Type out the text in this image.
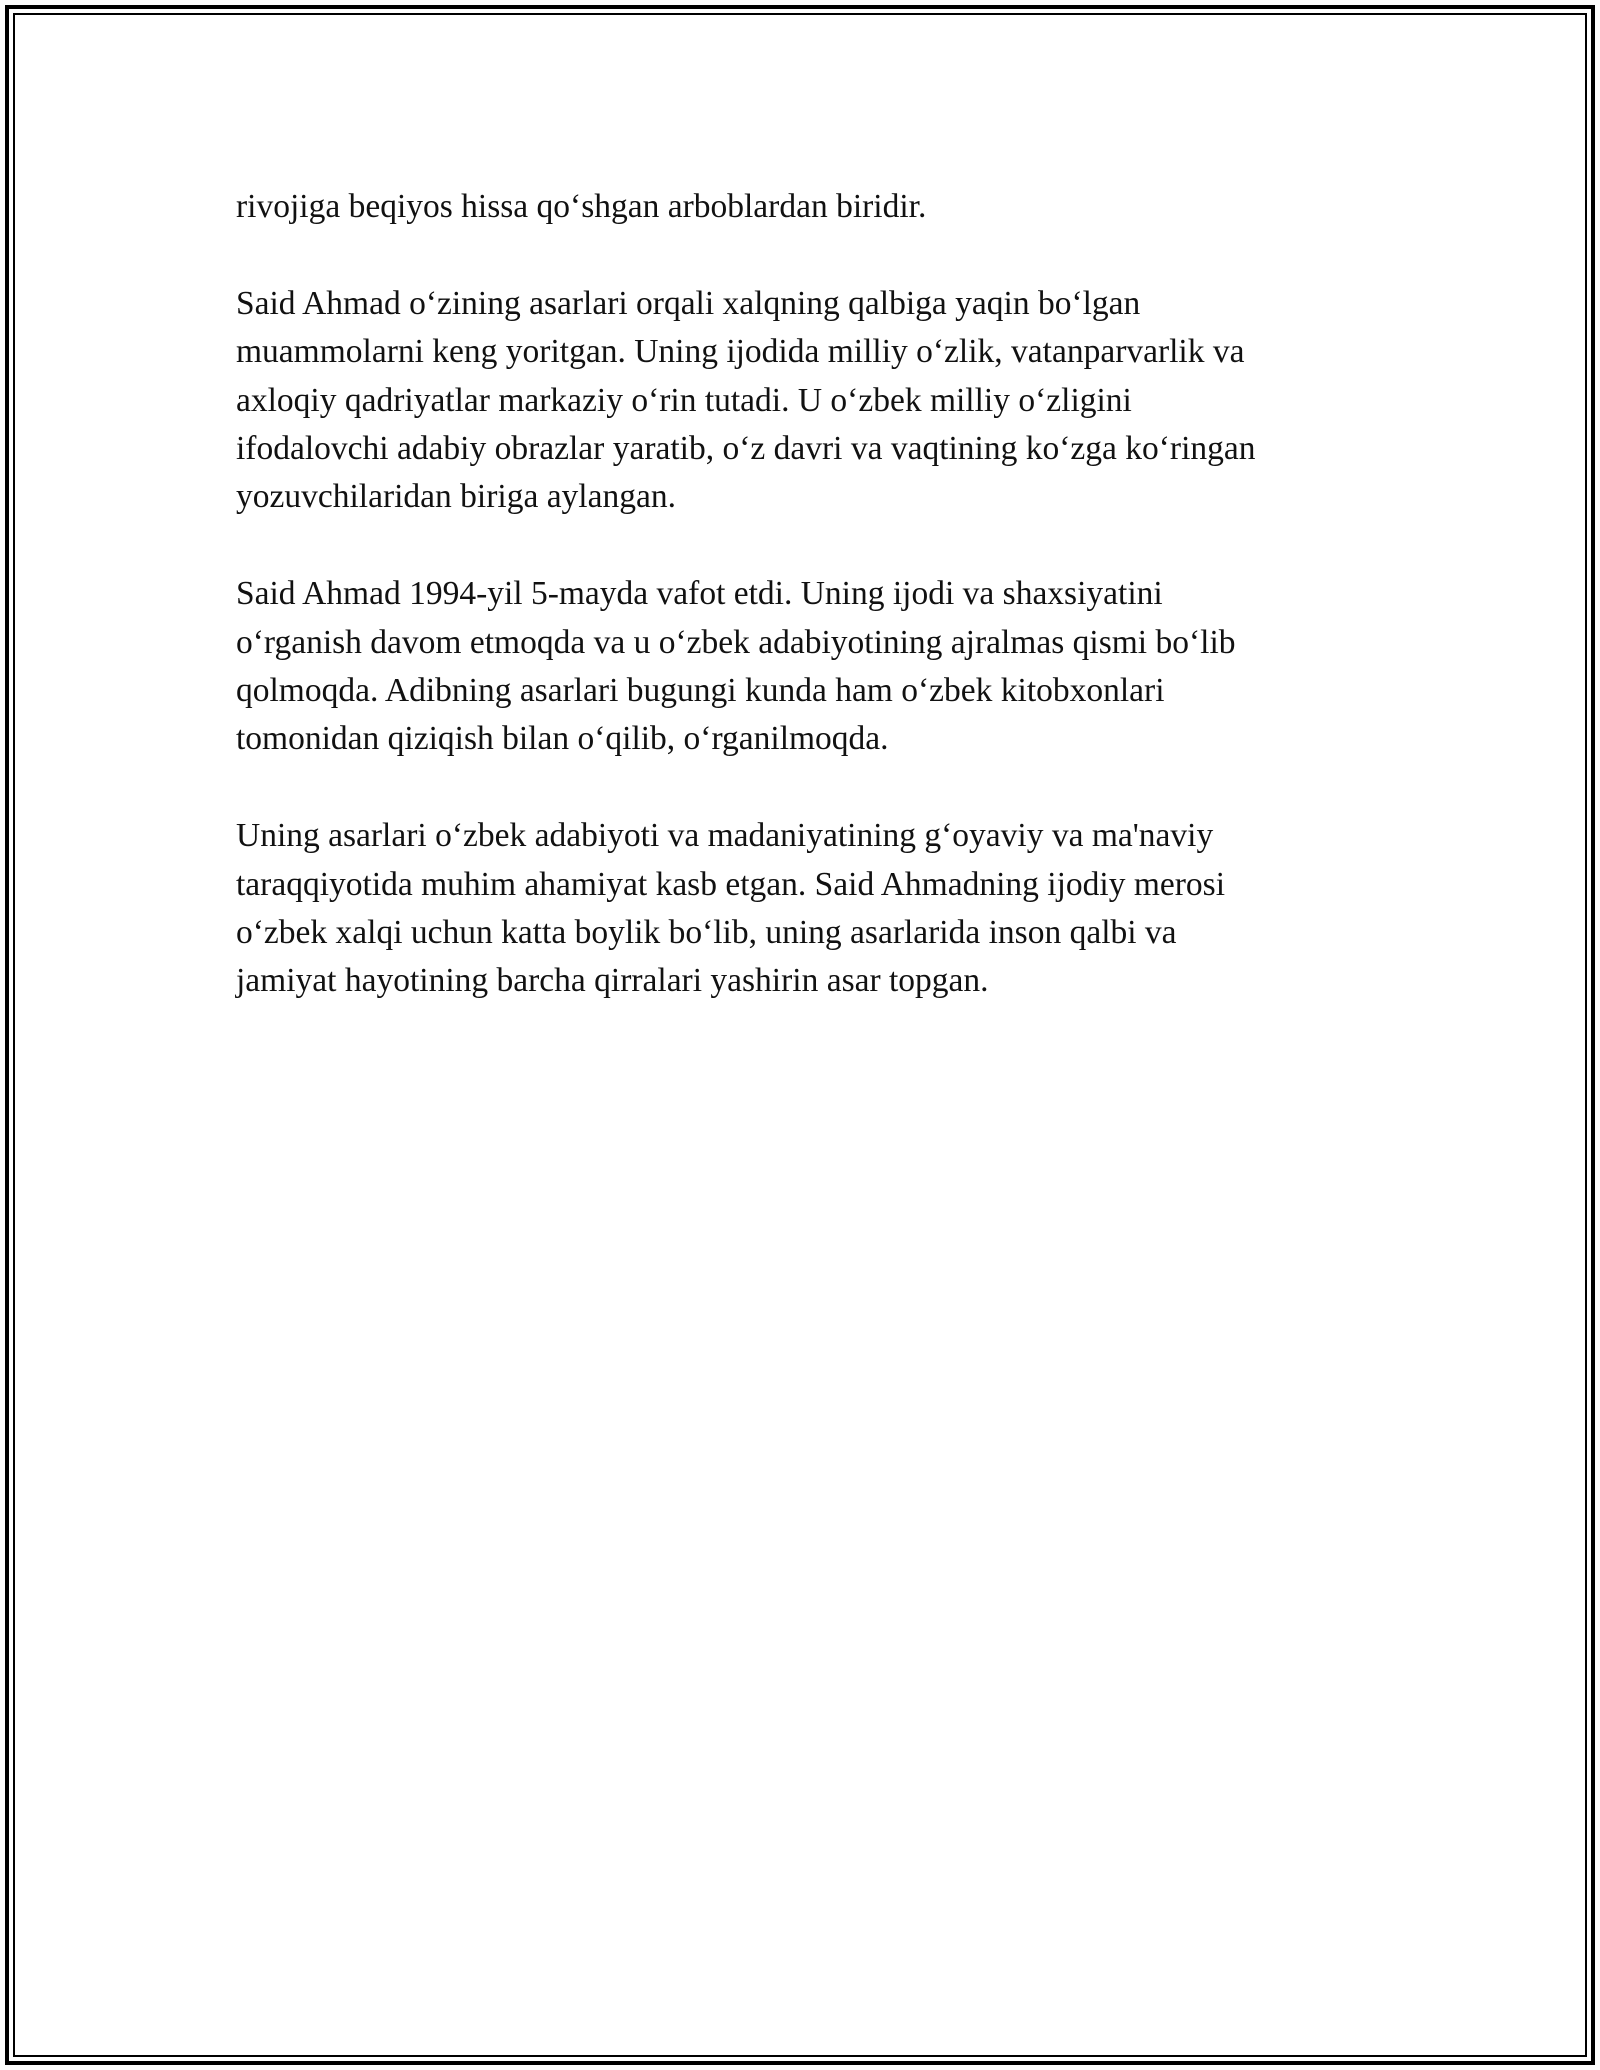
rivojiga beqiyos hissa qo‘shgan arboblardan biridir.

Said Ahmad o‘zining asarlari orqali xalqning qalbiga yaqin bo‘lgan
muammolarni keng yoritgan. Uning ijodida milliy o‘zlik, vatanparvarlik va
axloqiy qadriyatlar markaziy o‘rin tutadi. U o‘zbek milliy o‘zligini
ifodalovchi adabiy obrazlar yaratib, o‘z davri va vaqtining ko‘zga ko‘ringan
yozuvchilaridan biriga aylangan.

Said Ahmad 1994-yil 5-mayda vafot etdi. Uning ijodi va shaxsiyatini
o‘rganish davom etmoqda va u o‘zbek adabiyotining ajralmas qismi bo‘lib
qolmoqda. Adibning asarlari bugungi kunda ham o‘zbek kitobxonlari
tomonidan qiziqish bilan o‘qilib, o‘rganilmoqda.

Uning asarlari o‘zbek adabiyoti va madaniyatining g‘oyaviy va ma'naviy
taraqqiyotida muhim ahamiyat kasb etgan. Said Ahmadning ijodiy merosi
o‘zbek xalqi uchun katta boylik bo‘lib, uning asarlarida inson qalbi va
jamiyat hayotining barcha qirralari yashirin asar topgan.
